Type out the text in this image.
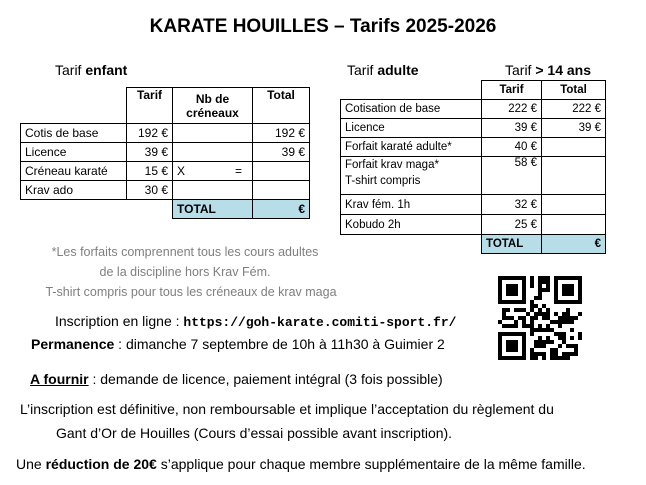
KARATE HOUILLES – Tarifs 2025-2026
Tarif enfant
	Tarif	Nb de créneaux	Total
Cotis de base	192 €		192 €
Licence	39 €		39 €
Créneau karaté	15 €	X =	

Krav ado	30 €		
		TOTAL	€
Tarif adulte	Tarif > 14 ans
	Tarif	Total
Cotisation de base	222 €	222 €
Licence	39 €	39 €
Forfait karaté adulte*	40 €	

Forfait krav maga*
T-shirt compris	58 €	
Krav fém. 1h	32 €	
Kobudo 2h	25 €	
	TOTAL	€
*Les forfaits comprennent tous les cours adultes
de la discipline hors Krav Fém.
T-shirt compris pour tous les créneaux de krav maga
Inscription en ligne : https://goh-karate.comiti-sport.fr/
Permanence : dimanche 7 septembre de 10h à 11h30 à Guimier 2
A fournir : demande de licence, paiement intégral (3 fois possible)
L’inscription est définitive, non remboursable et implique l’acceptation du règlement du
Gant d’Or de Houilles (Cours d’essai possible avant inscription).
Une réduction de 20€ s’applique pour chaque membre supplémentaire de la même famille.
